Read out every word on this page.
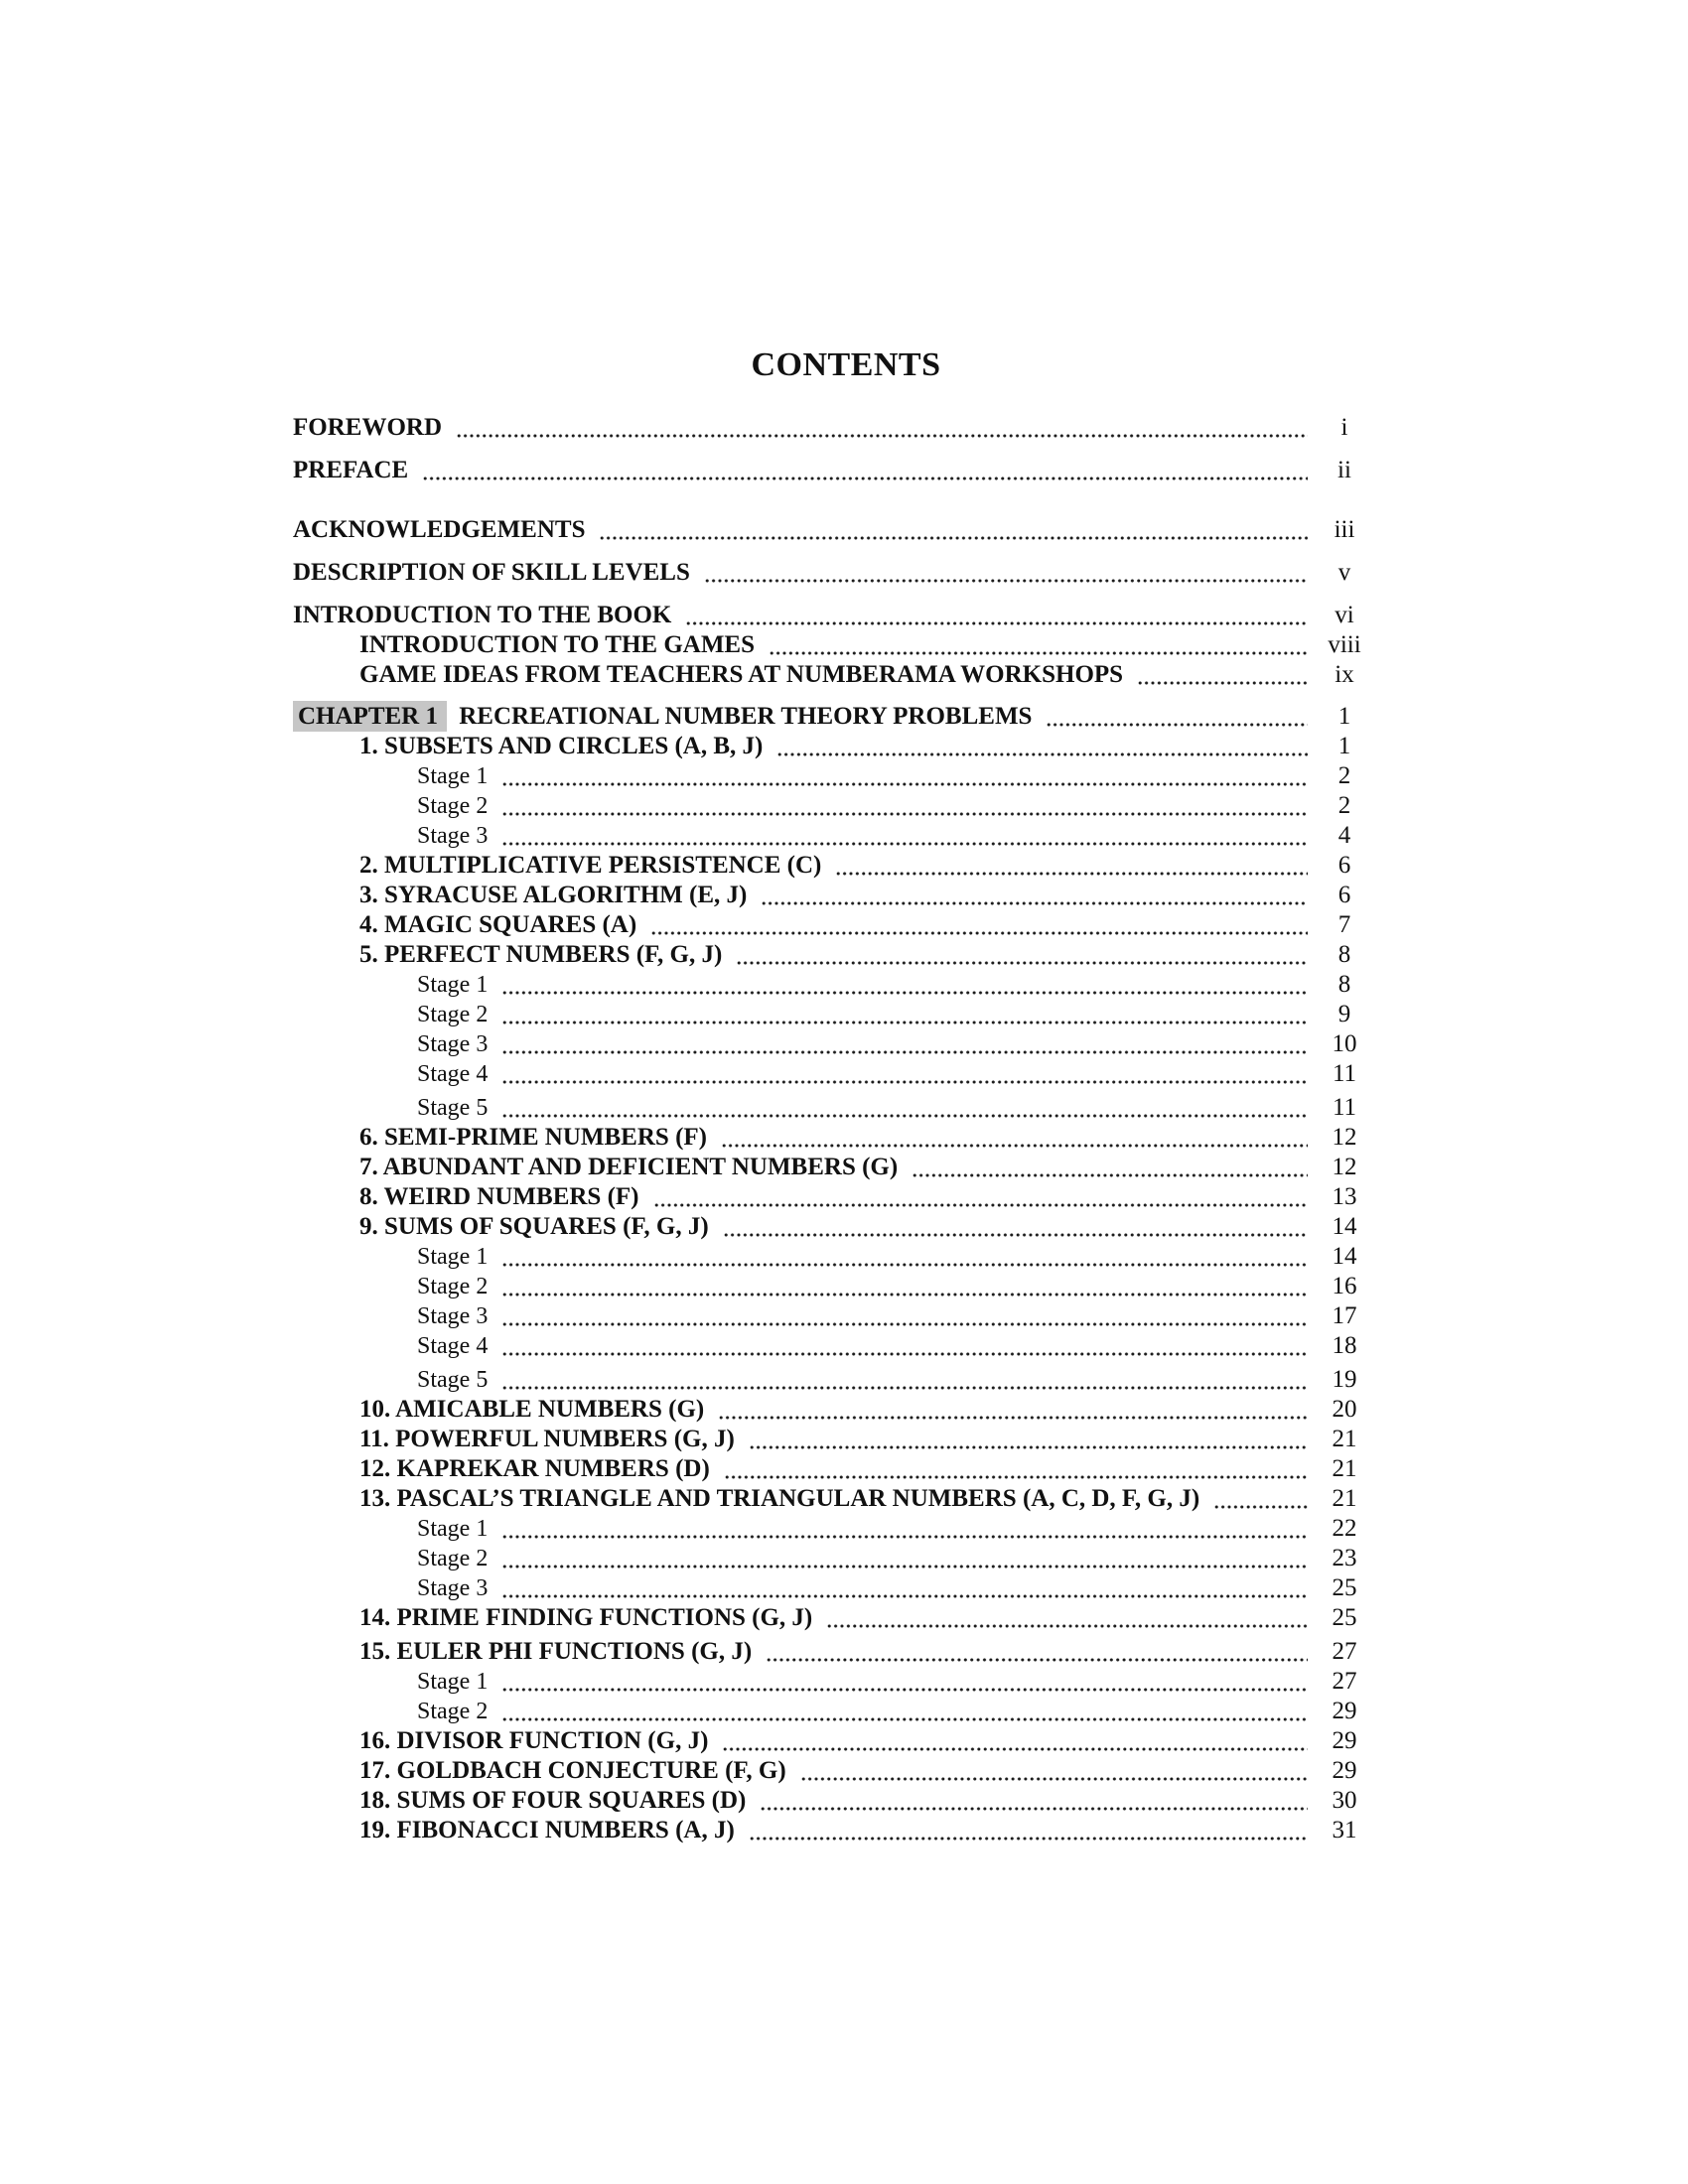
CONTENTS
FOREWORD	i
PREFACE	ii
ACKNOWLEDGEMENTS	iii
DESCRIPTION OF SKILL LEVELS	v
INTRODUCTION TO THE BOOK	vi
INTRODUCTION TO THE GAMES	viii
GAME IDEAS FROM TEACHERS AT NUMBERAMA WORKSHOPS	ix
CHAPTER 1 RECREATIONAL NUMBER THEORY PROBLEMS	1
1. SUBSETS AND CIRCLES (A, B, J)	1
Stage 1	2
Stage 2	2
Stage 3	4
2. MULTIPLICATIVE PERSISTENCE (C)	6
3. SYRACUSE ALGORITHM (E, J)	6
4. MAGIC SQUARES (A)	7
5. PERFECT NUMBERS (F, G, J)	8
Stage 1	8
Stage 2	9
Stage 3	10
Stage 4	11
Stage 5	11
6. SEMI-PRIME NUMBERS (F)	12
7. ABUNDANT AND DEFICIENT NUMBERS (G)	12
8. WEIRD NUMBERS (F)	13
9. SUMS OF SQUARES (F, G, J)	14
Stage 1	14
Stage 2	16
Stage 3	17
Stage 4	18
Stage 5	19
10. AMICABLE NUMBERS (G)	20
11. POWERFUL NUMBERS (G, J)	21
12. KAPREKAR NUMBERS (D)	21
13. PASCAL’S TRIANGLE AND TRIANGULAR NUMBERS (A, C, D, F, G, J)	21
Stage 1	22
Stage 2	23
Stage 3	25
14. PRIME FINDING FUNCTIONS (G, J)	25
15. EULER PHI FUNCTIONS (G, J)	27
Stage 1	27
Stage 2	29
16. DIVISOR FUNCTION (G, J)	29
17. GOLDBACH CONJECTURE (F, G)	29
18. SUMS OF FOUR SQUARES (D)	30
19. FIBONACCI NUMBERS (A, J)	31
